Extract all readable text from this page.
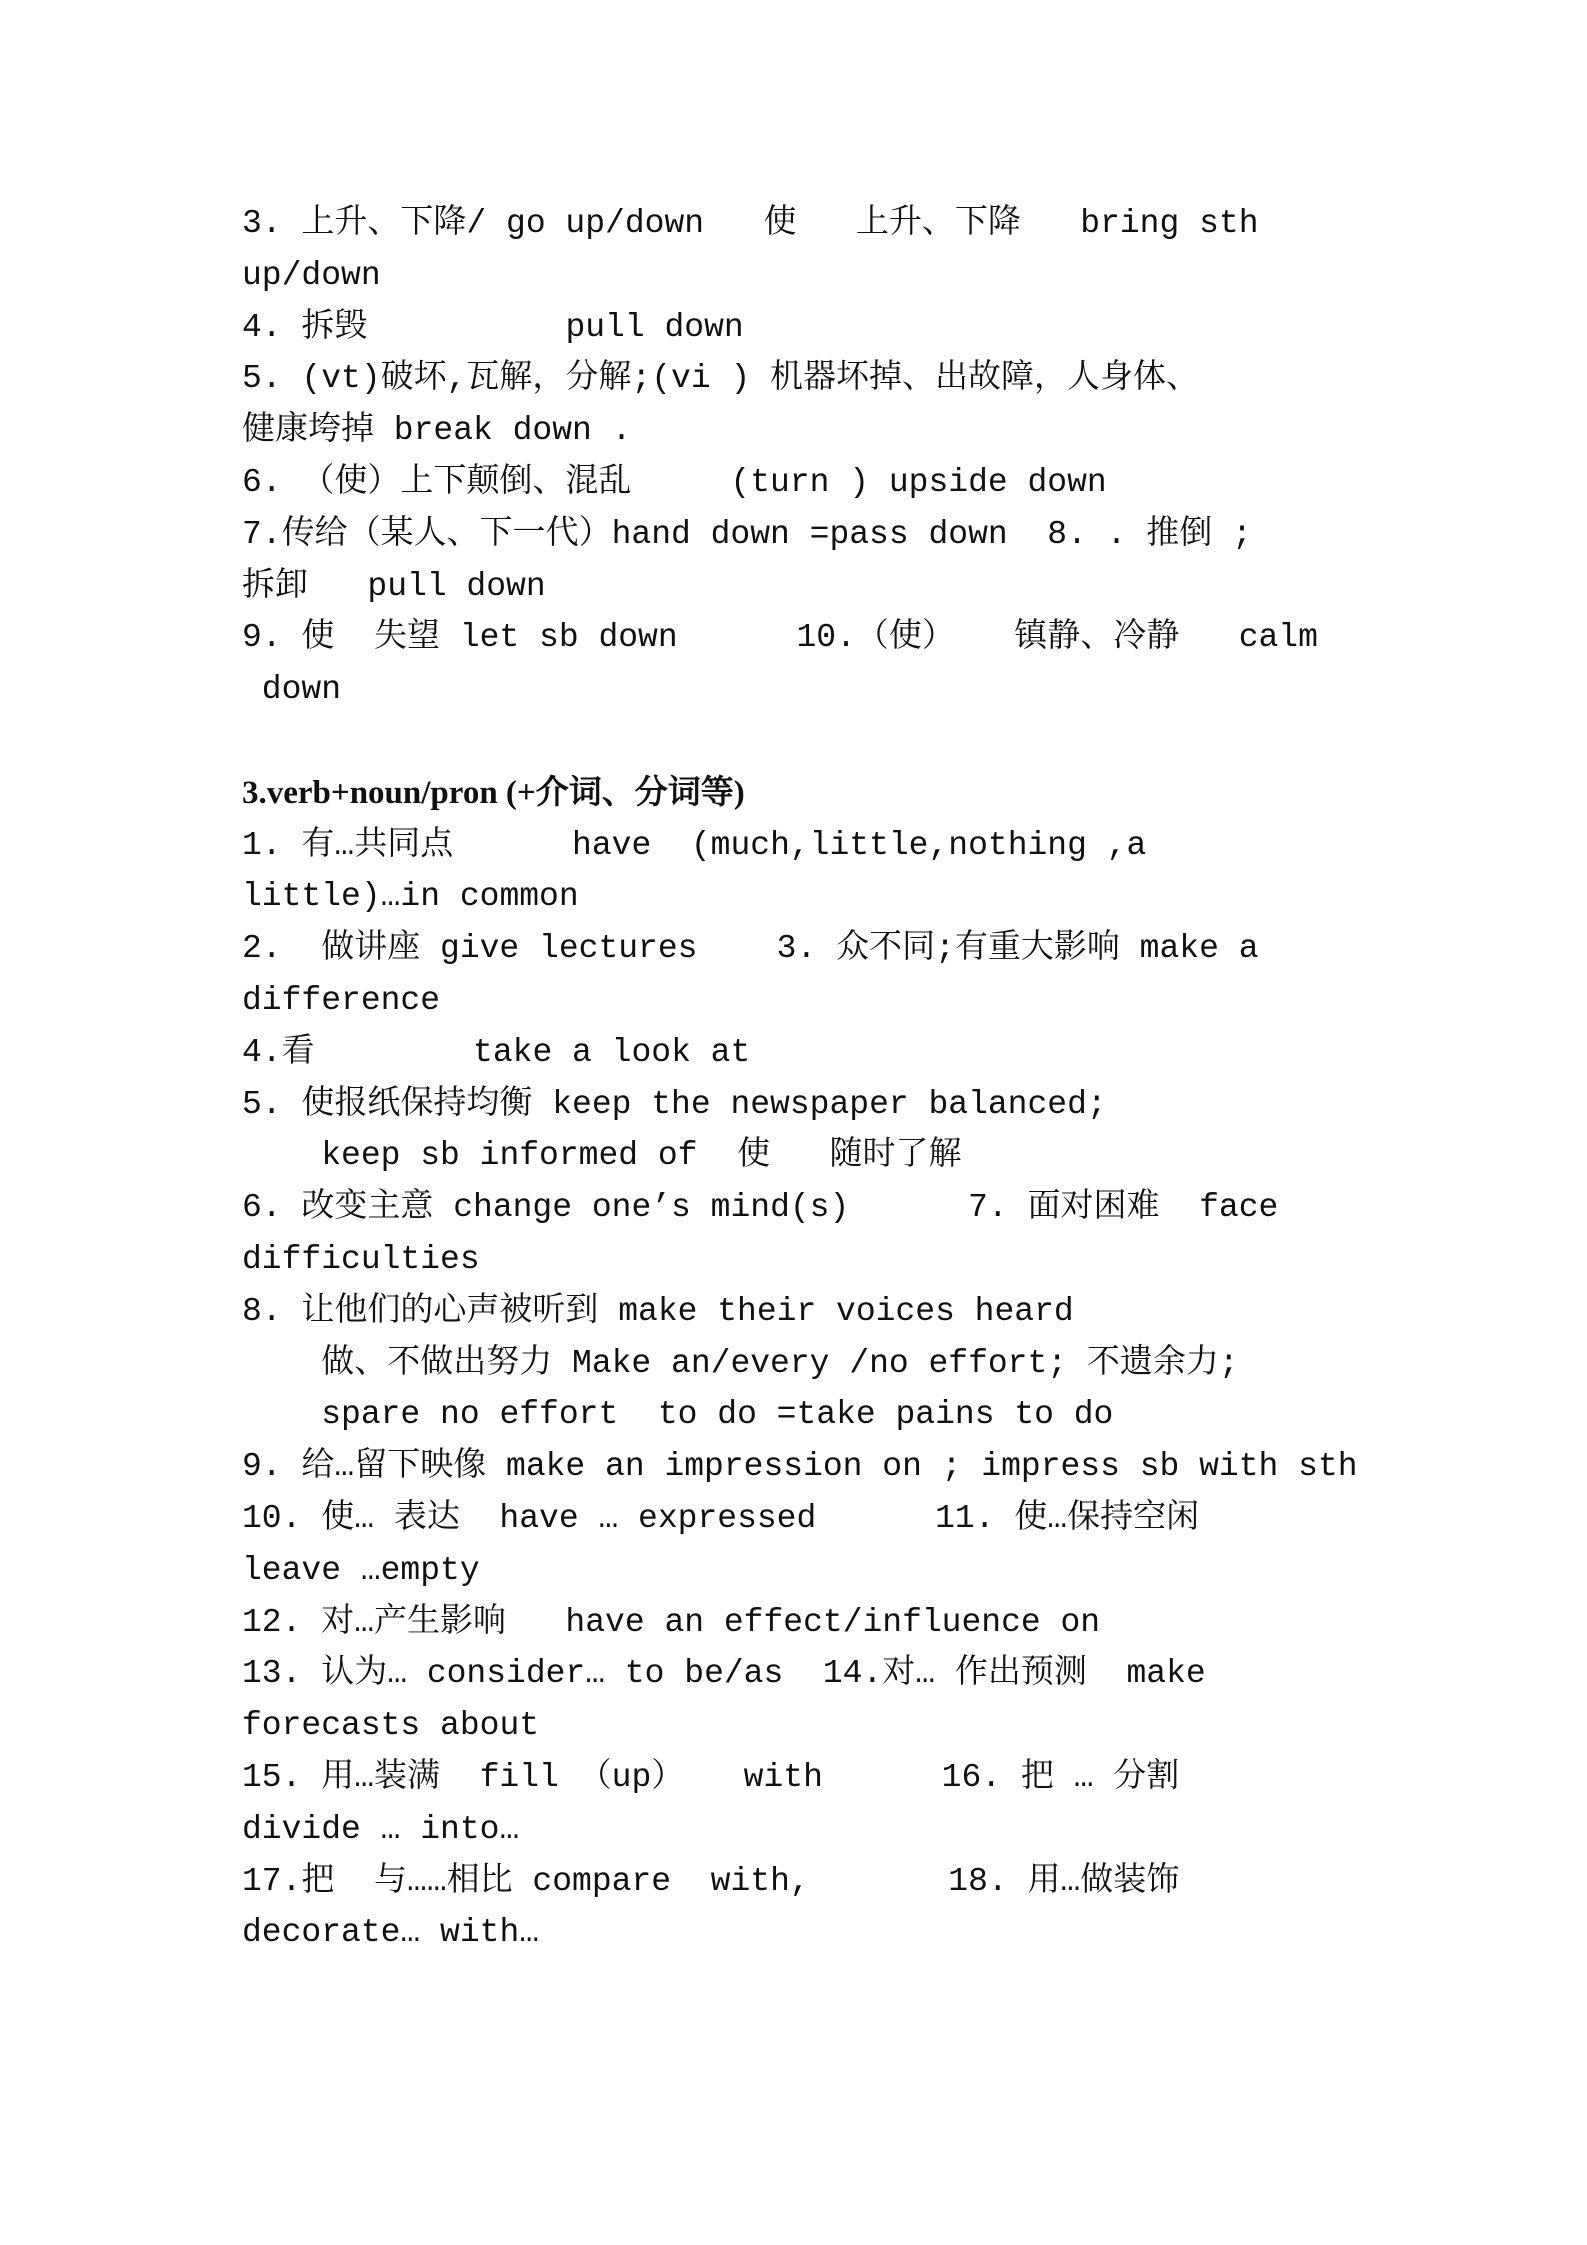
3. 上升、下降/ go up/down   使   上升、下降   bring sth
up/down
4. 拆毁          pull down
5. (vt)破坏,瓦解，分解;(vi ) 机器坏掉、出故障，人身体、
健康垮掉 break down .
6. （使）上下颠倒、混乱     (turn ) upside down
7.传给（某人、下一代）hand down =pass down  8. . 推倒 ;
拆卸   pull down
9. 使  失望 let sb down      10.（使）   镇静、冷静   calm
down
3.verb+noun/pron (+介词、分词等)
1. 有…共同点      have  (much,little,nothing ,a
little)…in common
2.  做讲座 give lectures    3. 众不同;有重大影响 make a
difference
4.看        take a look at
5. 使报纸保持均衡 keep the newspaper balanced;
keep sb informed of  使   随时了解
6. 改变主意 change one’s mind(s)      7. 面对困难  face
difficulties
8. 让他们的心声被听到 make their voices heard
做、不做出努力 Make an/every /no effort; 不遗余力;
spare no effort  to do =take pains to do
9. 给…留下映像 make an impression on ; impress sb with sth
10. 使… 表达  have … expressed      11. 使…保持空闲
leave …empty
12. 对…产生影响   have an effect/influence on
13. 认为… consider… to be/as  14.对… 作出预测  make
forecasts about
15. 用…装满  fill （up）   with      16. 把 … 分割
divide … into…
17.把  与……相比 compare  with,       18. 用…做装饰
decorate… with…
